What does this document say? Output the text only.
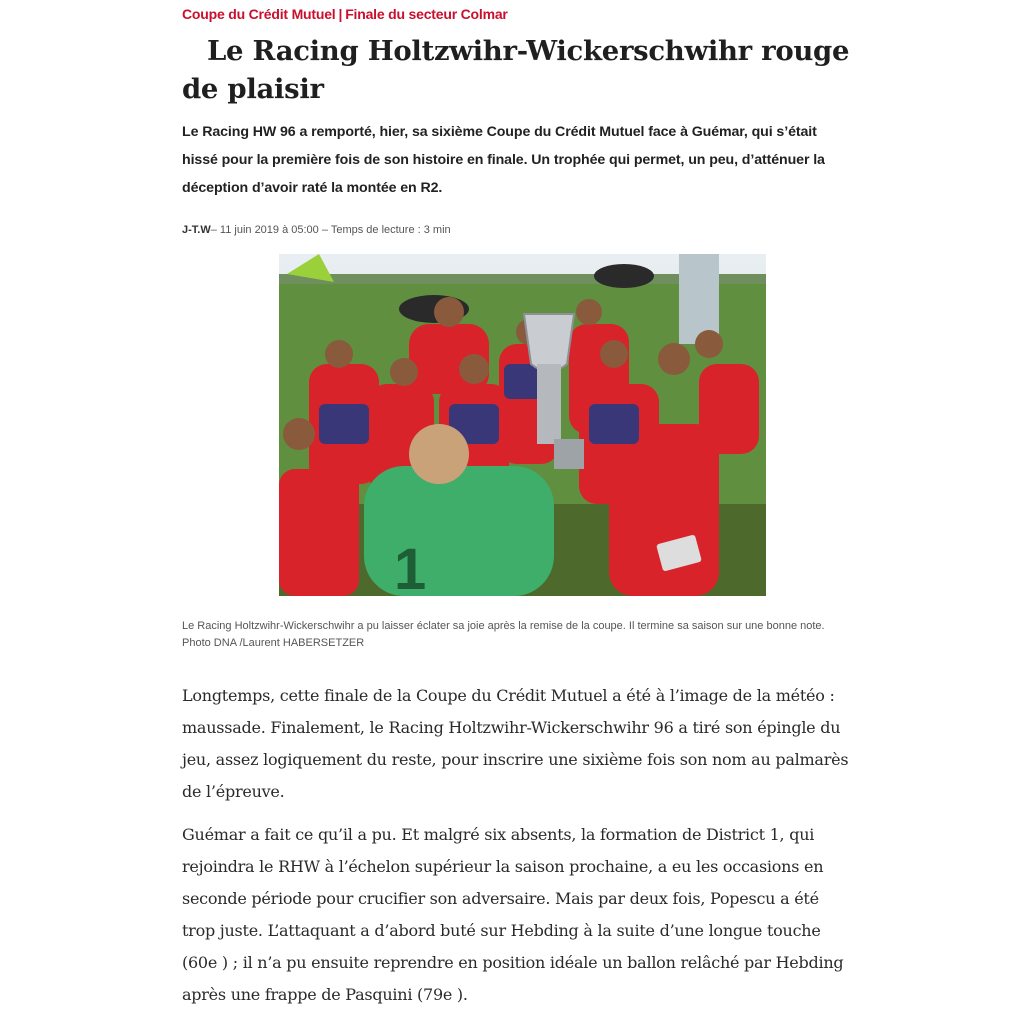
Coupe du Crédit Mutuel | Finale du secteur Colmar
Le Racing Holtzwihr-Wickerschwihr rouge de plaisir

Le Racing HW 96 a remporté, hier, sa sixième Coupe du Crédit Mutuel face à Guémar, qui s’était hissé pour la première fois de son histoire en finale. Un trophée qui permet, un peu, d’atténuer la déception d’avoir raté la montée en R2.

J-T.W– 11 juin 2019 à 05:00 – Temps de lecture : 3 min
1

Le Racing Holtzwihr-Wickerschwihr a pu laisser éclater sa joie après la remise de la coupe. Il termine sa saison sur une bonne note. Photo DNA /Laurent HABERSETZER

Longtemps, cette finale de la Coupe du Crédit Mutuel a été à l’image de la météo : maussade. Finalement, le Racing Holtzwihr-Wickerschwihr 96 a tiré son épingle du jeu, assez logiquement du reste, pour inscrire une sixième fois son nom au palmarès de l’épreuve.

Guémar a fait ce qu’il a pu. Et malgré six absents, la formation de District 1, qui rejoindra le RHW à l’échelon supérieur la saison prochaine, a eu les occasions en seconde période pour crucifier son adversaire. Mais par deux fois, Popescu a été trop juste. L’attaquant a d’abord buté sur Hebding à la suite d’une longue touche (60e ) ; il n’a pu ensuite reprendre en position idéale un ballon relâché par Hebding après une frappe de Pasquini (79e ).
